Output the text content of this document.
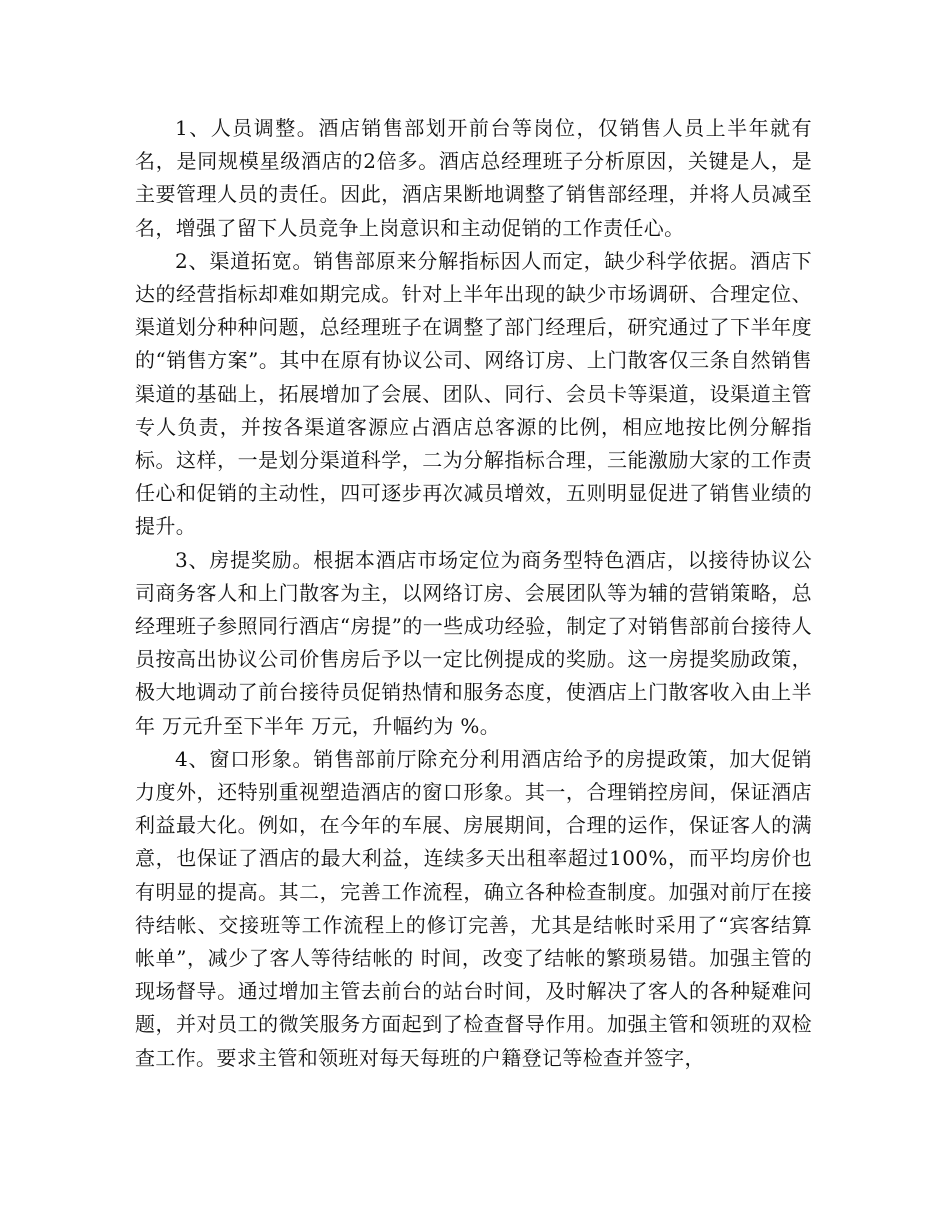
1、人员调整。酒店销售部划开前台等岗位，仅销售人员上半年就有 名，是同规模星级酒店的2倍多。酒店总经理班子分析原因，关键是人，是主要管理人员的责任。因此，酒店果断地调整了销售部经理，并将人员减至 名，增强了留下人员竞争上岗意识和主动促销的工作责任心。

2、渠道拓宽。销售部原来分解指标因人而定，缺少科学依据。酒店下达的经营指标却难如期完成。针对上半年出现的缺少市场调研、合理定位、渠道划分种种问题，总经理班子在调整了部门经理后，研究通过了下半年度的“销售方案”。其中在原有协议公司、网络订房、上门散客仅三条自然销售渠道的基础上，拓展增加了会展、团队、同行、会员卡等渠道，设渠道主管专人负责，并按各渠道客源应占酒店总客源的比例，相应地按比例分解指标。这样，一是划分渠道科学，二为分解指标合理，三能激励大家的工作责任心和促销的主动性，四可逐步再次减员增效，五则明显促进了销售业绩的提升。

3、房提奖励。根据本酒店市场定位为商务型特色酒店，以接待协议公司商务客人和上门散客为主，以网络订房、会展团队等为辅的营销策略，总经理班子参照同行酒店“房提”的一些成功经验，制定了对销售部前台接待人员按高出协议公司价售房后予以一定比例提成的奖励。这一房提奖励政策，极大地调动了前台接待员促销热情和服务态度，使酒店上门散客收入由上半年 万元升至下半年 万元，升幅约为 %。

4、窗口形象。销售部前厅除充分利用酒店给予的房提政策，加大促销力度外，还特别重视塑造酒店的窗口形象。其一，合理销控房间，保证酒店利益最大化。例如，在今年的车展、房展期间，合理的运作，保证客人的满意，也保证了酒店的最大利益，连续多天出租率超过100%，而平均房价也有明显的提高。其二，完善工作流程，确立各种检查制度。加强对前厅在接待结帐、交接班等工作流程上的修订完善，尤其是结帐时采用了“宾客结算帐单”，减少了客人等待结帐的 时间，改变了结帐的繁琐易错。加强主管的现场督导。通过增加主管去前台的站台时间，及时解决了客人的各种疑难问题，并对员工的微笑服务方面起到了检查督导作用。加强主管和领班的双检查工作。要求主管和领班对每天每班的户籍登记等检查并签字，
